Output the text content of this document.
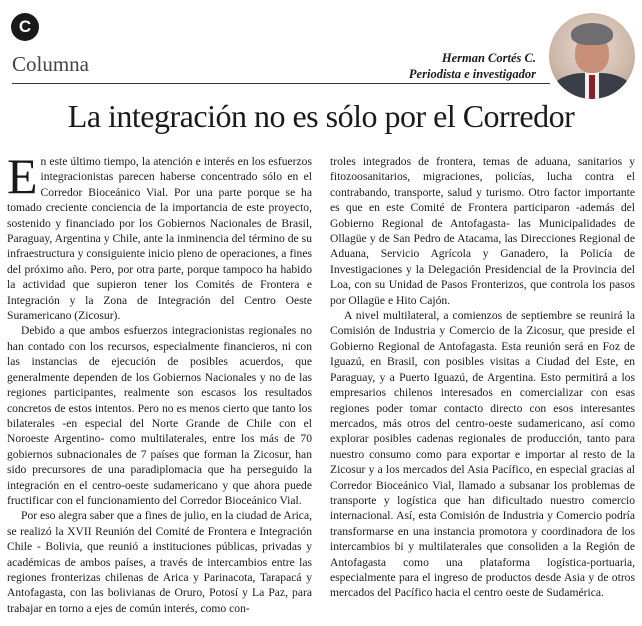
C
Columna	Herman Cortés C.
Periodista e investigador
La integración no es sólo por el Corredor

En este último tiempo, la atención e interés en los esfuerzos integracionistas parecen haberse concentrado sólo en el Corredor Bioceánico Vial. Por una parte porque se ha tomado creciente conciencia de la importancia de este proyecto, sostenido y financiado por los Gobiernos Nacionales de Brasil, Paraguay, Argentina y Chile, ante la inminencia del término de su infraestructura y consiguiente inicio pleno de operaciones, a fines del próximo año. Pero, por otra parte, porque tampoco ha habido la actividad que supieron tener los Comités de Frontera e Integración y la Zona de Integración del Centro Oeste Suramericano (Zicosur).

Debido a que ambos esfuerzos integracionistas regionales no han contado con los recursos, especialmente financieros, ni con las instancias de ejecución de posibles acuerdos, que generalmente dependen de los Gobiernos Nacionales y no de las regiones participantes, realmente son escasos los resultados concretos de estos intentos. Pero no es menos cierto que tanto los bilaterales -en especial del Norte Grande de Chile con el Noroeste Argentino- como multilaterales, entre los más de 70 gobiernos subnacionales de 7 países que forman la Zicosur, han sido precursores de una paradiplomacia que ha perseguido la integración en el centro-oeste sudamericano y que ahora puede fructificar con el funcionamiento del Corredor Bioceánico Vial.

Por eso alegra saber que a fines de julio, en la ciudad de Arica, se realizó la XVII Reunión del Comité de Frontera e Integración Chile - Bolivia, que reunió a instituciones públicas, privadas y académicas de ambos países, a través de intercambios entre las regiones fronterizas chilenas de Arica y Parinacota, Tarapacá y Antofagasta, con las bolivianas de Oruro, Potosí y La Paz, para trabajar en torno a ejes de común interés, como con-

troles integrados de frontera, temas de aduana, sanitarios y fitozoosanitarios, migraciones, policías, lucha contra el contrabando, transporte, salud y turismo. Otro factor importante es que en este Comité de Frontera participaron -además del Gobierno Regional de Antofagasta- las Municipalidades de Ollagüe y de San Pedro de Atacama, las Direcciones Regional de Aduana, Servicio Agrícola y Ganadero, la Policía de Investigaciones y la Delegación Presidencial de la Provincia del Loa, con su Unidad de Pasos Fronterizos, que controla los pasos por Ollagüe e Hito Cajón.

A nivel multilateral, a comienzos de septiembre se reunirá la Comisión de Industria y Comercio de la Zicosur, que preside el Gobierno Regional de Antofagasta. Esta reunión será en Foz de Iguazú, en Brasil, con posibles visitas a Ciudad del Este, en Paraguay, y a Puerto Iguazú, de Argentina. Esto permitirá a los empresarios chilenos interesados en comercializar con esas regiones poder tomar contacto directo con esos interesantes mercados, más otros del centro-oeste sudamericano, así como explorar posibles cadenas regionales de producción, tanto para nuestro consumo como para exportar e importar al resto de la Zicosur y a los mercados del Asia Pacífico, en especial gracias al Corredor Bioceánico Vial, llamado a subsanar los problemas de transporte y logística que han dificultado nuestro comercio internacional. Así, esta Comisión de Industria y Comercio podría transformarse en una instancia promotora y coordinadora de los intercambios bi y multilaterales que consoliden a la Región de Antofagasta como una plataforma logística-portuaria, especialmente para el ingreso de productos desde Asia y de otros mercados del Pacífico hacia el centro oeste de Sudamérica.
